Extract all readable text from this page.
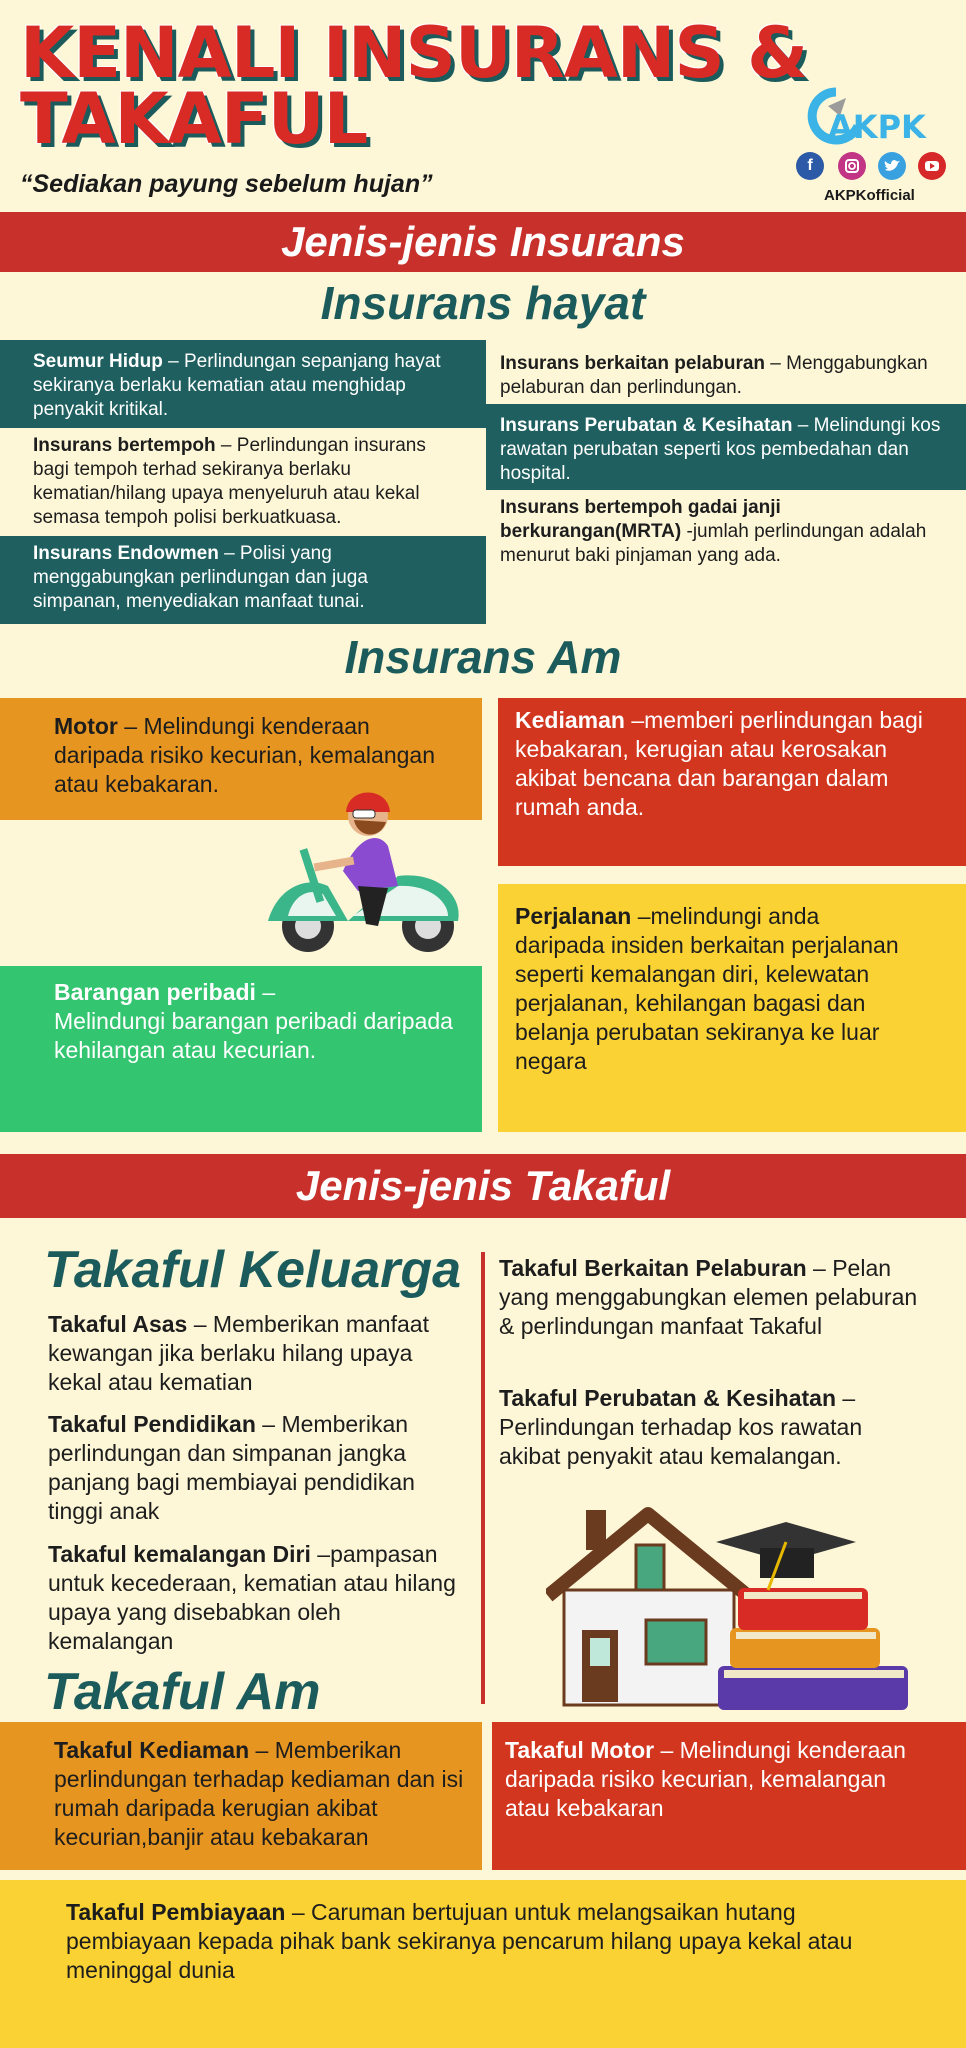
KENALI INSURANS &
TAKAFUL
“Sediakan payung sebelum hujan”
AKPK
f
AKPKofficial
Jenis-jenis Insurans
Insurans hayat
Seumur Hidup – Perlindungan sepanjang hayat sekiranya berlaku kematian atau menghidap penyakit kritikal.
Insurans bertempoh – Perlindungan insurans bagi tempoh terhad sekiranya berlaku kematian/hilang upaya menyeluruh atau kekal semasa tempoh polisi berkuatkuasa.
Insurans Endowmen – Polisi yang menggabungkan perlindungan dan juga simpanan, menyediakan manfaat tunai.
Insurans berkaitan pelaburan – Menggabungkan pelaburan dan perlindungan.
Insurans Perubatan & Kesihatan – Melindungi kos rawatan perubatan seperti kos pembedahan dan hospital.
Insurans bertempoh gadai janji berkurangan(MRTA) -jumlah perlindungan adalah menurut baki pinjaman yang ada.
Insurans Am
Motor – Melindungi kenderaan daripada risiko kecurian, kemalangan atau kebakaran.
Kediaman –memberi perlindungan bagi kebakaran, kerugian atau kerosakan akibat bencana dan barangan dalam rumah anda.
Perjalanan –melindungi anda daripada insiden berkaitan perjalanan seperti kemalangan diri, kelewatan perjalanan, kehilangan bagasi dan belanja perubatan sekiranya ke luar negara
Barangan peribadi –
Melindungi barangan peribadi daripada kehilangan atau kecurian.
Jenis-jenis Takaful
Takaful Keluarga
Takaful Asas – Memberikan manfaat kewangan jika berlaku hilang upaya kekal atau kematian
Takaful Pendidikan – Memberikan perlindungan dan simpanan jangka panjang bagi membiayai pendidikan tinggi anak
Takaful kemalangan Diri –pampasan untuk kecederaan, kematian atau hilang upaya yang disebabkan oleh kemalangan
Takaful Berkaitan Pelaburan – Pelan yang menggabungkan elemen pelaburan & perlindungan manfaat Takaful
Takaful Perubatan & Kesihatan – Perlindungan terhadap kos rawatan akibat penyakit atau kemalangan.
Takaful Am
Takaful Kediaman – Memberikan perlindungan terhadap kediaman dan isi rumah daripada kerugian akibat kecurian,banjir atau kebakaran
Takaful Motor – Melindungi kenderaan daripada risiko kecurian, kemalangan atau kebakaran
Takaful Pembiayaan – Caruman bertujuan untuk melangsaikan hutang pembiayaan kepada pihak bank sekiranya pencarum hilang upaya kekal atau meninggal dunia
